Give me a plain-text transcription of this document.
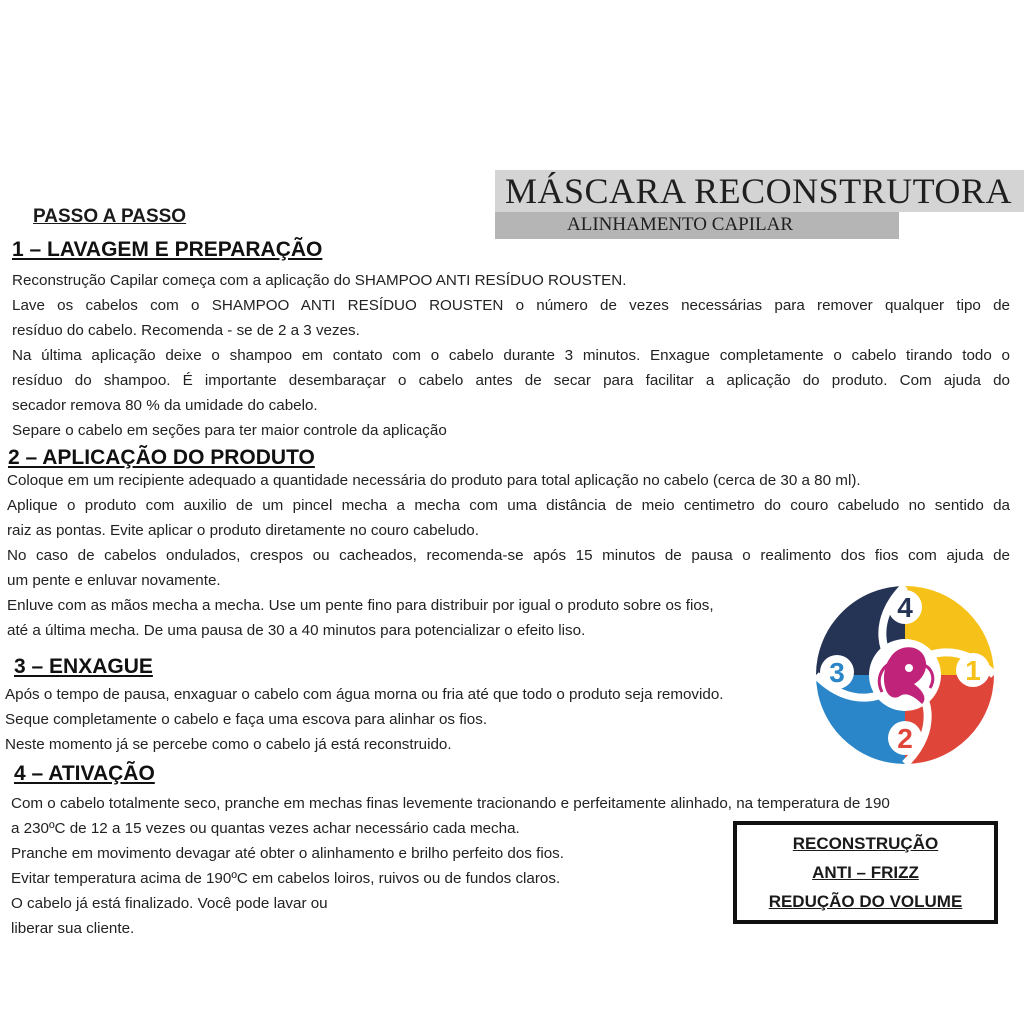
MÁSCARA RECONSTRUTORA
ALINHAMENTO CAPILAR
PASSO A PASSO
1 – LAVAGEM E PREPARAÇÃO
Reconstrução Capilar começa com a aplicação do SHAMPOO ANTI RESÍDUO ROUSTEN.
Lave os cabelos com o SHAMPOO ANTI RESÍDUO ROUSTEN o número de vezes necessárias para remover qualquer tipo de
resíduo do cabelo. Recomenda - se de 2 a 3 vezes.
Na última aplicação deixe o shampoo em contato com o cabelo durante 3 minutos. Enxague completamente o cabelo tirando todo o
resíduo do shampoo. É importante desembaraçar o cabelo antes de secar para facilitar a aplicação do produto. Com ajuda do
secador remova 80 % da umidade do cabelo.
Separe o cabelo em seções para ter maior controle da aplicação
2 – APLICAÇÃO DO PRODUTO
Coloque em um recipiente adequado a quantidade necessária do produto para total aplicação no cabelo (cerca de 30 a 80 ml).
Aplique o produto com auxilio de um pincel mecha a mecha com uma distância de meio centimetro do couro cabeludo no sentido da
raiz as pontas. Evite aplicar o produto diretamente no couro cabeludo.
No caso de cabelos ondulados, crespos ou cacheados, recomenda-se após 15 minutos de pausa o realimento dos fios com ajuda de
um pente e enluvar novamente.
Enluve com as mãos mecha a mecha. Use um pente fino para distribuir por igual o produto sobre os fios,
até a última mecha. De uma pausa de 30 a 40 minutos para potencializar o efeito liso.
3 – ENXAGUE
Após o tempo de pausa, enxaguar o cabelo com água morna ou fria até que todo o produto seja removido.
Seque completamente o cabelo e faça uma escova para alinhar os fios.
Neste momento já se percebe como o cabelo já está reconstruido.
4 – ATIVAÇÃO
Com o cabelo totalmente seco, pranche em mechas finas levemente tracionando e perfeitamente alinhado, na temperatura de 190
a 230ºC de 12 a 15 vezes ou quantas vezes achar necessário cada mecha.
Pranche em movimento devagar até obter o alinhamento e brilho perfeito dos fios.
Evitar temperatura acima de 190ºC em cabelos loiros, ruivos ou de fundos claros.
O cabelo já está finalizado. Você pode lavar ou
liberar sua cliente.
4
1
2
3
RECONSTRUÇÃO
ANTI – FRIZZ
REDUÇÃO DO VOLUME
